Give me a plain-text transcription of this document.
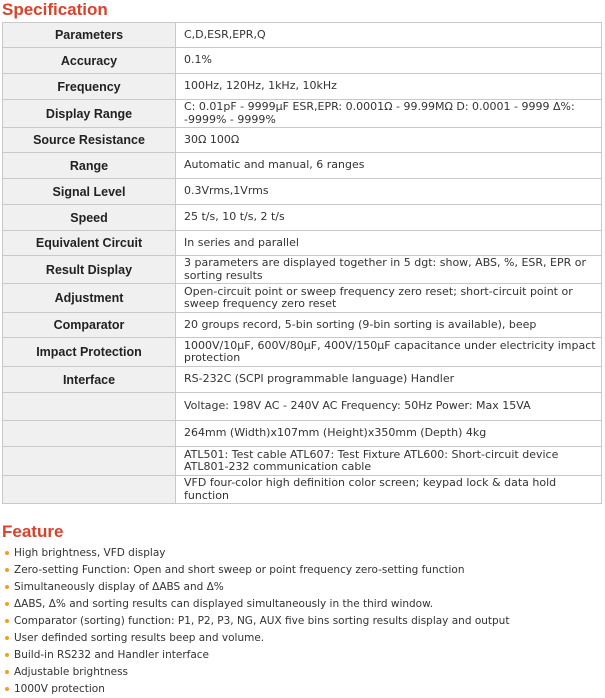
Specification
Parameters	C,D,ESR,EPR,Q
Accuracy	0.1%
Frequency	100Hz, 120Hz, 1kHz, 10kHz
Display Range	C: 0.01pF - 9999μF ESR,EPR: 0.0001Ω - 99.99MΩ D: 0.0001 - 9999 Δ%: -9999% - 9999%
Source Resistance	30Ω 100Ω
Range	Automatic and manual, 6 ranges
Signal Level	0.3Vrms,1Vrms
Speed	25 t/s, 10 t/s, 2 t/s
Equivalent Circuit	In series and parallel
Result Display	3 parameters are displayed together in 5 dgt: show, ABS, %, ESR, EPR or sorting results
Adjustment	Open-circuit point or sweep frequency zero reset; short-circuit point or sweep frequency zero reset
Comparator	20 groups record, 5-bin sorting (9-bin sorting is available), beep
Impact Protection	1000V/10μF, 600V/80μF, 400V/150μF capacitance under electricity impact protection
Interface	RS-232C (SCPI programmable language) Handler
	Voltage: 198V AC - 240V AC Frequency: 50Hz Power: Max 15VA
	264mm (Width)x107mm (Height)x350mm (Depth) 4kg
	ATL501: Test cable ATL607: Test Fixture ATL600: Short-circuit device ATL801-232 communication cable
	VFD four-color high definition color screen; keypad lock & data hold function
Feature
High brightness, VFD display
Zero-setting Function: Open and short sweep or point frequency zero-setting function
Simultaneously display of ΔABS and Δ%
ΔABS, Δ% and sorting results can displayed simultaneously in the third window.
Comparator (sorting) function: P1, P2, P3, NG, AUX five bins sorting results display and output
User definded sorting results beep and volume.
Build-in RS232 and Handler interface
Adjustable brightness
1000V protection
